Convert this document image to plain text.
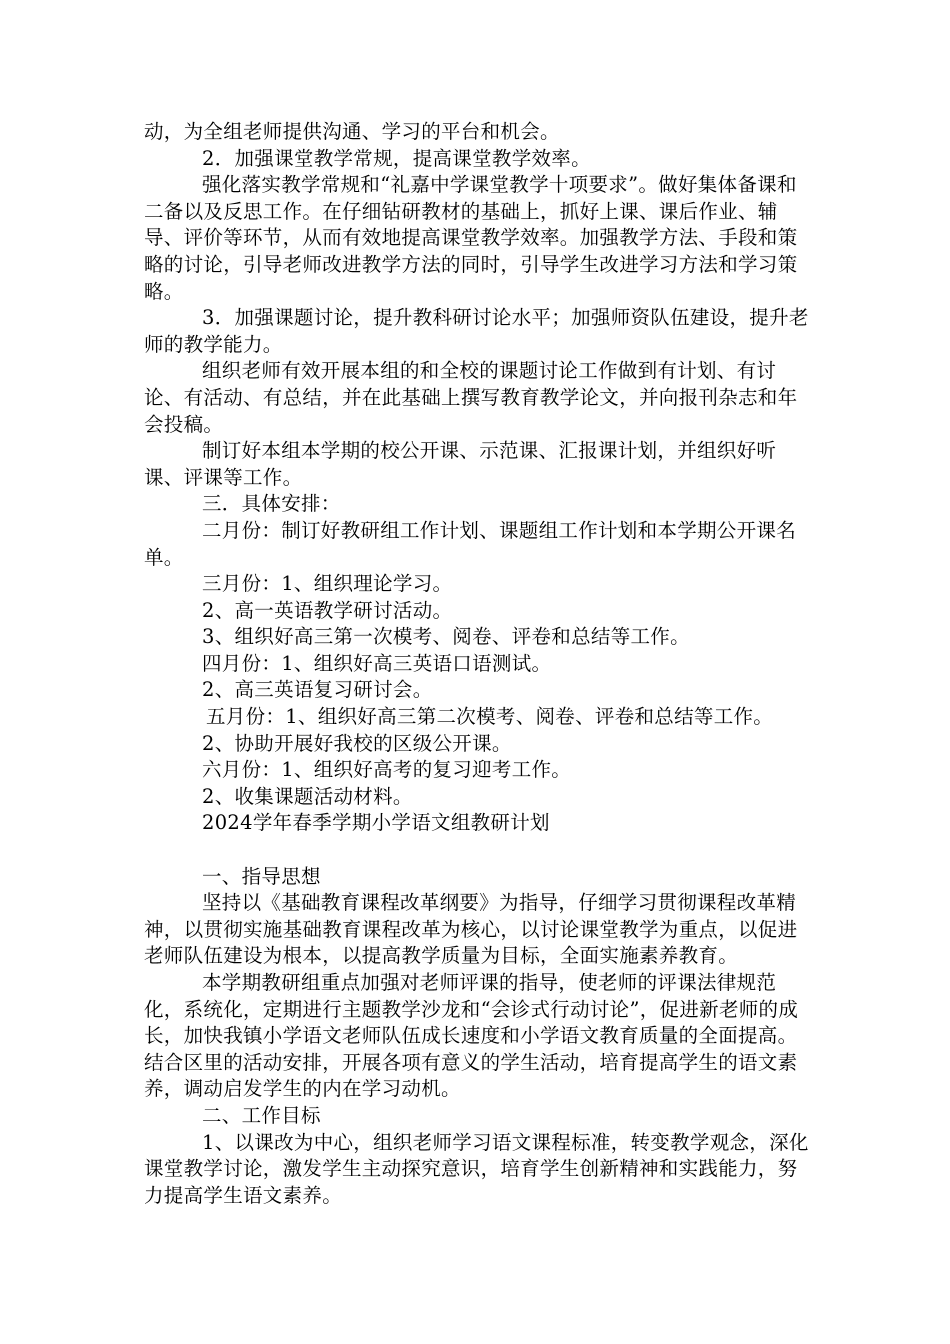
动，为全组老师提供沟通、学习的平台和机会。

2．加强课堂教学常规，提高课堂教学效率。

强化落实教学常规和“礼嘉中学课堂教学十项要求”。做好集体备课和二备以及反思工作。在仔细钻研教材的基础上，抓好上课、课后作业、辅导、评价等环节，从而有效地提高课堂教学效率。加强教学方法、手段和策略的讨论，引导老师改进教学方法的同时，引导学生改进学习方法和学习策略。

3．加强课题讨论，提升教科研讨论水平；加强师资队伍建设，提升老师的教学能力。

组织老师有效开展本组的和全校的课题讨论工作做到有计划、有讨论、有活动、有总结，并在此基础上撰写教育教学论文，并向报刊杂志和年会投稿。

制订好本组本学期的校公开课、示范课、汇报课计划，并组织好听课、评课等工作。

三．具体安排：

二月份：制订好教研组工作计划、课题组工作计划和本学期公开课名单。

三月份：1、组织理论学习。

2、高一英语教学研讨活动。

3、组织好高三第一次模考、阅卷、评卷和总结等工作。

四月份：1、组织好高三英语口语测试。

2、高三英语复习研讨会。

五月份：1、组织好高三第二次模考、阅卷、评卷和总结等工作。

2、协助开展好我校的区级公开课。

六月份：1、组织好高考的复习迎考工作。

2、收集课题活动材料。

2024学年春季学期小学语文组教研计划

一、指导思想

坚持以《基础教育课程改革纲要》为指导，仔细学习贯彻课程改革精神，以贯彻实施基础教育课程改革为核心，以讨论课堂教学为重点，以促进老师队伍建设为根本，以提高教学质量为目标，全面实施素养教育。

本学期教研组重点加强对老师评课的指导，使老师的评课法律规范化，系统化，定期进行主题教学沙龙和“会诊式行动讨论”，促进新老师的成长，加快我镇小学语文老师队伍成长速度和小学语文教育质量的全面提高。结合区里的活动安排，开展各项有意义的学生活动，培育提高学生的语文素养，调动启发学生的内在学习动机。

二、工作目标

1、以课改为中心，组织老师学习语文课程标准，转变教学观念，深化课堂教学讨论，激发学生主动探究意识，培育学生创新精神和实践能力，努力提高学生语文素养。
